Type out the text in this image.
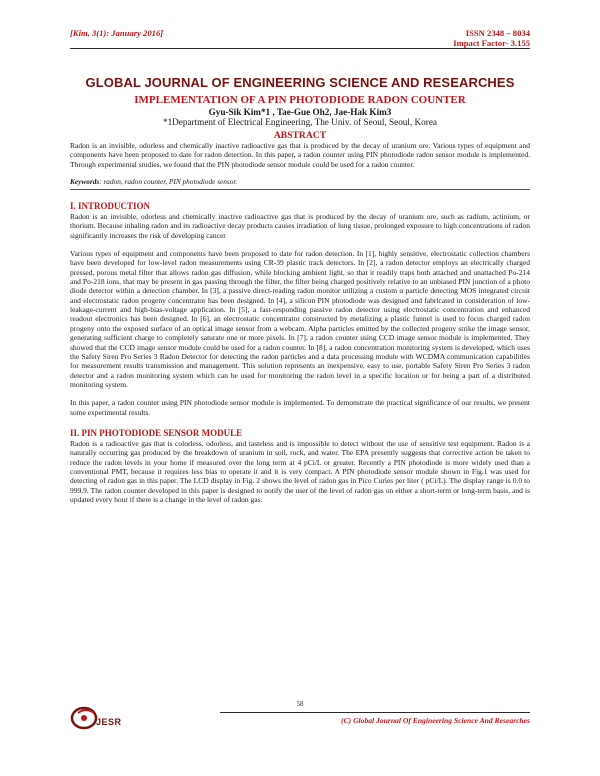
[Kim, 3(1): January 2016]	ISSN 2348 – 8034
Impact Factor- 3.155
GLOBAL JOURNAL OF ENGINEERING SCIENCE AND RESEARCHES
IMPLEMENTATION OF A PIN PHOTODIODE RADON COUNTER
Gyu-Sik Kim*1 , Tae-Gue Oh2, Jae-Hak Kim3
*1Department of Electrical Engineering, The Univ. of Seoul, Seoul, Korea
ABSTRACT

Radon is an invisible, odorless and chemically inactive radioactive gas that is produced by the decay of uranium ore. Various types of equipment and components have been proposed to date for radon detection. In this paper, a radon counter using PIN photodiode radon sensor module is implemented. Through experimental studies, we found that the PIN photodiode sensor module could be used for a radon counter.

Keywords: radon, radon counter, PIN photodiode sensor.
I. INTRODUCTION

Radon is an invisible, odorless and chemically inactive radioactive gas that is produced by the decay of uranium ore, such as radium, actinium, or thorium. Because inhaling radon and its radioactive decay products causes irradiation of lung tissue, prolonged exposure to high concentrations of radon significantly increases the risk of developing cancer

Various types of equipment and components have been proposed to date for radon detection. In [1], highly sensitive, electrostatic collection chambers have been developed for low-level radon measurements using CR-39 plastic track detectors. In [2], a radon detector employs an electrically charged pressed, porous metal filter that allows radon gas diffusion, while blocking ambient light, so that it readily traps both attached and unattached Po-214 and Po-218 ions, that may be present in gas passing through the filter, the filter being charged positively relative to an unbiased PIN junction of a photo diode detector within a detection chamber. In [3], a passive direct-reading radon monitor utilizing a custom α particle detecting MOS integrated circuit and electrostatic radon progeny concentrator has been designed. In [4], a silicon PIN photodiode was designed and fabricated in consideration of low-leakage-current and high-bias-voltage application. In [5], a fast-responding passive radon detector using electrostatic concentration and enhanced readout electronics has been designed. In [6], an electrostatic concentrator constructed by metalizing a plastic funnel is used to focus charged radon progeny onto the exposed surface of an optical image sensor from a webcam. Alpha particles emitted by the collected progeny strike the image sensor, generating sufficient charge to completely saturate one or more pixels. In [7], a radon counter using CCD image sensor module is implemented. They showed that the CCD image sensor module could be used for a radon counter. In [8], a radon concentration monitoring system is developed, which uses the Safety Siren Pro Series 3 Radon Detector for detecting the radon particles and a data processing module with WCDMA communication capabilities for measurement results transmission and management. This solution represents an inexpensive, easy to use, portable Safety Siren Pro Series 3 radon detector and a radon monitoring system which can be used for monitoring the radon level in a specific location or for being a part of a distributed monitoring system.

In this paper, a radon counter using PIN photodiode sensor module is implemented. To demonstrate the practical significance of our results, we present some experimental results.

II. PIN PHOTODIODE SENSOR MODULE

Radon is a radioactive gas that is colorless, odorless, and tasteless and is impossible to detect without the use of sensitive test equipment. Radon is a naturally occurring gas produced by the breakdown of uranium in soil, rock, and water. The EPA presently suggests that corrective action be taken to reduce the radon levels in your home if measured over the long term at 4 pCi/L or greater. Recently a PIN photodiode is more widely used than a conventional PMT, because it requires less bias to operate it and it is very compact. A PIN photodiode sensor module shown in Fig.1 was used for detecting of radon gas in this paper. The LCD display in Fig. 2 shows the level of radon gas in Pico Curies per liter ( pCi/L). The display range is 0.0 to 999.9. The radon counter developed in this paper is designed to notify the user of the level of radon gas on either a short-term or long-term basis, and is updated every hour if there is a change in the level of radon gas.

58
JESR	(C) Global Journal Of Engineering Science And Researches
